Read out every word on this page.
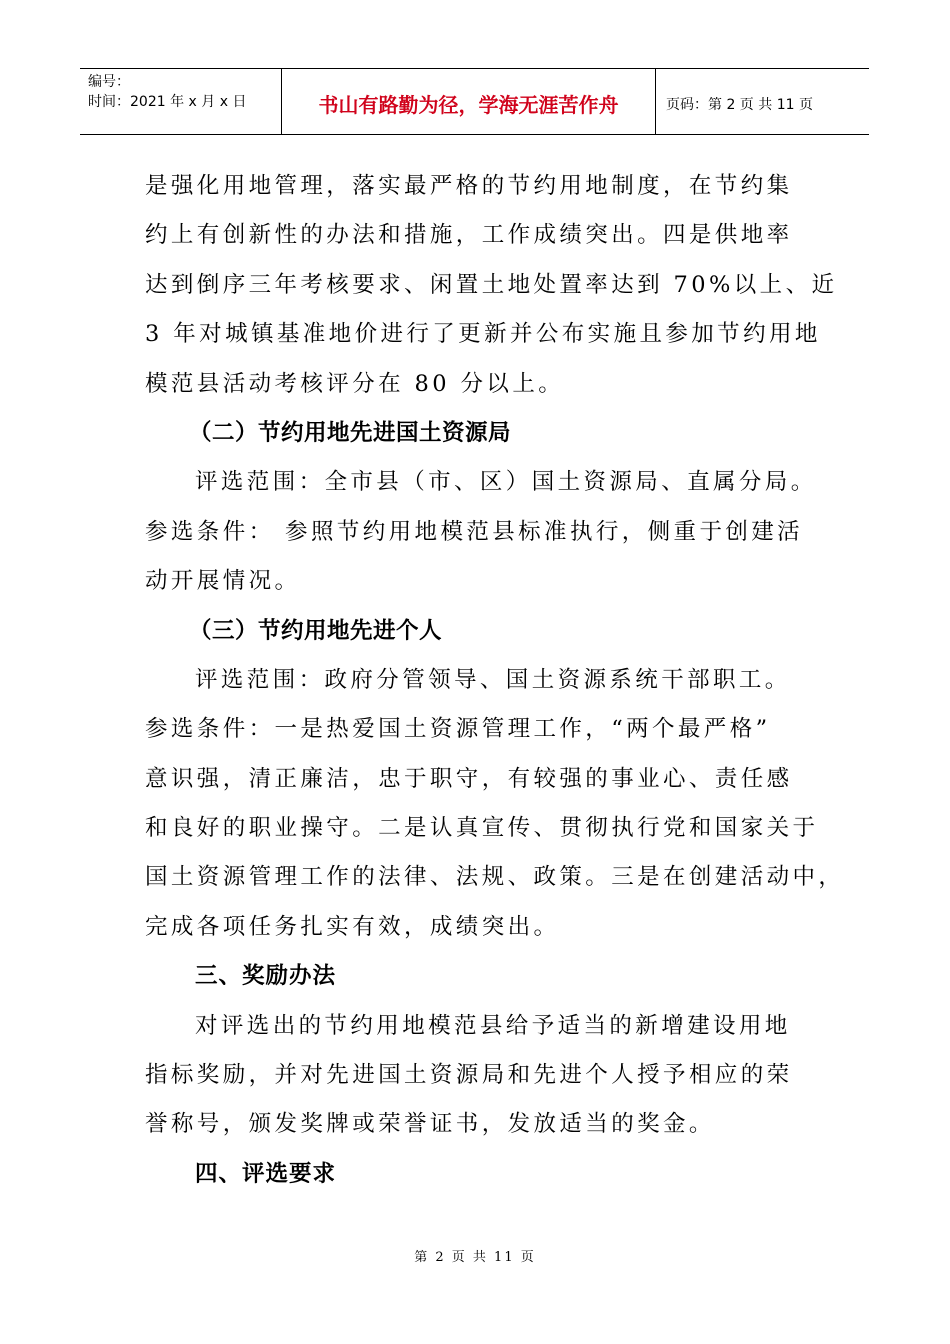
编号：
时间：2021 年 x 月 x 日	书山有路勤为径，学海无涯苦作舟	页码：第 2 页 共 11 页
是强化用地管理，落实最严格的节约用地制度，在节约集
约上有创新性的办法和措施，工作成绩突出。四是供地率
达到倒序三年考核要求、闲置土地处置率达到 70%以上、近
3 年对城镇基准地价进行了更新并公布实施且参加节约用地
模范县活动考核评分在 80 分以上。
（二）节约用地先进国土资源局
评选范围：全市县（市、区）国土资源局、直属分局。
参选条件： 参照节约用地模范县标准执行，侧重于创建活
动开展情况。
（三）节约用地先进个人
评选范围：政府分管领导、国土资源系统干部职工。
参选条件：一是热爱国土资源管理工作，“两个最严格”
意识强，清正廉洁，忠于职守，有较强的事业心、责任感
和良好的职业操守。二是认真宣传、贯彻执行党和国家关于
国土资源管理工作的法律、法规、政策。三是在创建活动中，
完成各项任务扎实有效，成绩突出。
三、奖励办法
对评选出的节约用地模范县给予适当的新增建设用地
指标奖励，并对先进国土资源局和先进个人授予相应的荣
誉称号，颁发奖牌或荣誉证书，发放适当的奖金。
四、评选要求
第 2 页 共 11 页
